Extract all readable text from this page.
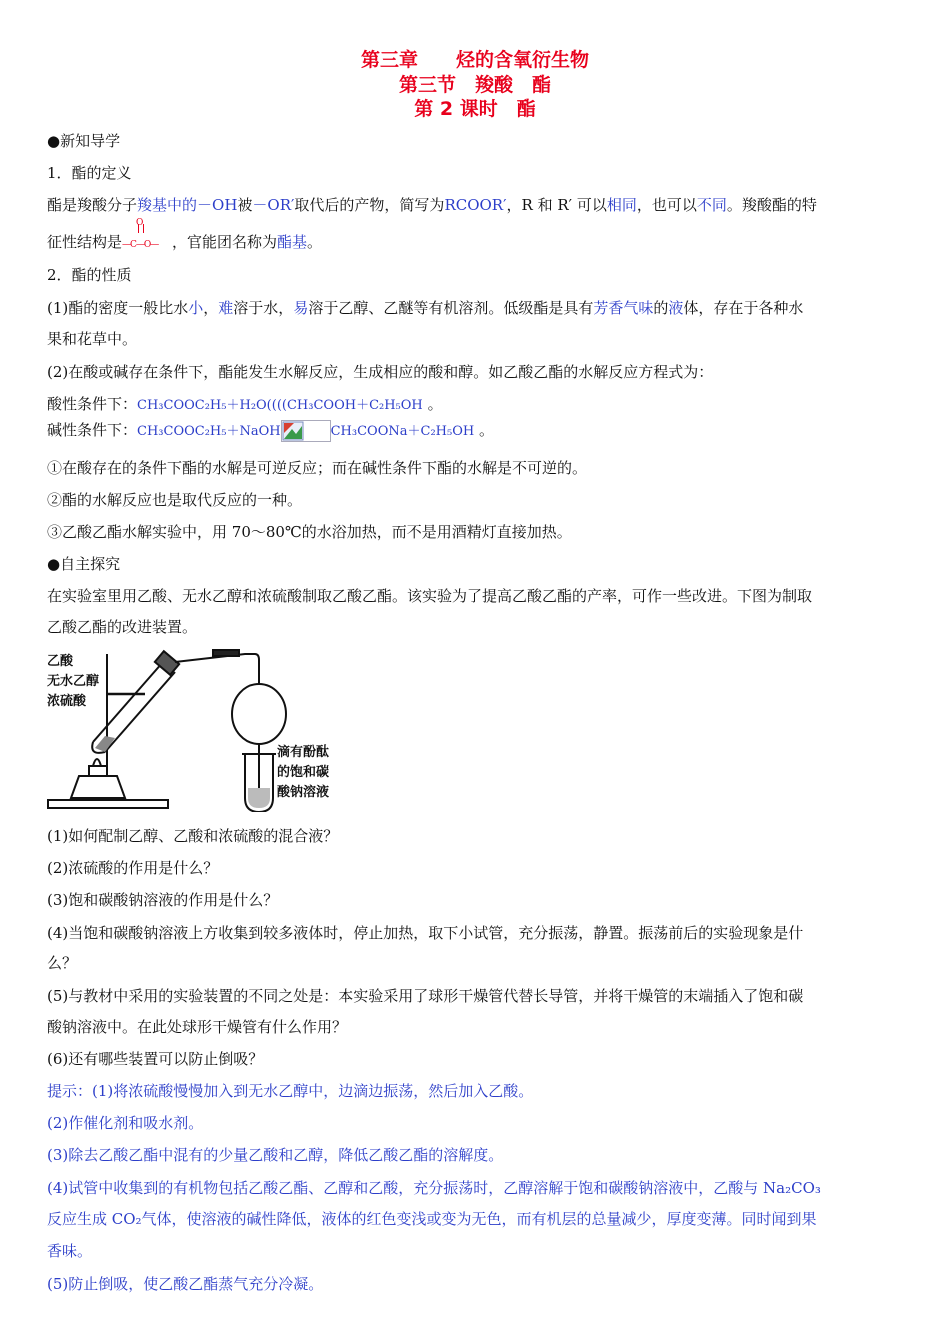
第三章　　烃的含氧衍生物
第三节　羧酸　酯
第 2 课时　酯
●新知导学
1．酯的定义
酯是羧酸分子羧基中的－OH被－OR′取代后的产物，简写为RCOOR′，R 和 R′ 可以相同，也可以不同。羧酸酯的特
征性结构是
O
—C—O— ，官能团名称为酯基。
2．酯的性质
(1)酯的密度一般比水小，难溶于水，易溶于乙醇、乙醚等有机溶剂。低级酯是具有芳香气味的液体，存在于各种水
果和花草中。
(2)在酸或碱存在条件下，酯能发生水解反应，生成相应的酸和醇。如乙酸乙酯的水解反应方程式为：
酸性条件下：CH₃COOC₂H₅＋H₂O((((CH₃COOH＋C₂H₅OH 。
碱性条件下：CH₃COOC₂H₅＋NaOH	CH₃COONa＋C₂H₅OH 。
①在酸存在的条件下酯的水解是可逆反应；而在碱性条件下酯的水解是不可逆的。
②酯的水解反应也是取代反应的一种。
③乙酸乙酯水解实验中，用 70～80℃的水浴加热，而不是用酒精灯直接加热。
●自主探究
在实验室里用乙酸、无水乙醇和浓硫酸制取乙酸乙酯。该实验为了提高乙酸乙酯的产率，可作一些改进。下图为制取
乙酸乙酯的改进装置。
乙酸
无水乙醇
浓硫酸
滴有酚酞
的饱和碳
酸钠溶液
(1)如何配制乙醇、乙酸和浓硫酸的混合液？
(2)浓硫酸的作用是什么？
(3)饱和碳酸钠溶液的作用是什么？
(4)当饱和碳酸钠溶液上方收集到较多液体时，停止加热，取下小试管，充分振荡，静置。振荡前后的实验现象是什
么？
(5)与教材中采用的实验装置的不同之处是：本实验采用了球形干燥管代替长导管，并将干燥管的末端插入了饱和碳
酸钠溶液中。在此处球形干燥管有什么作用？
(6)还有哪些装置可以防止倒吸？
提示：(1)将浓硫酸慢慢加入到无水乙醇中，边滴边振荡，然后加入乙酸。
(2)作催化剂和吸水剂。
(3)除去乙酸乙酯中混有的少量乙酸和乙醇，降低乙酸乙酯的溶解度。
(4)试管中收集到的有机物包括乙酸乙酯、乙醇和乙酸，充分振荡时，乙醇溶解于饱和碳酸钠溶液中，乙酸与 Na₂CO₃
反应生成 CO₂气体，使溶液的碱性降低，液体的红色变浅或变为无色，而有机层的总量减少，厚度变薄。同时闻到果
香味。
(5)防止倒吸，使乙酸乙酯蒸气充分冷凝。
